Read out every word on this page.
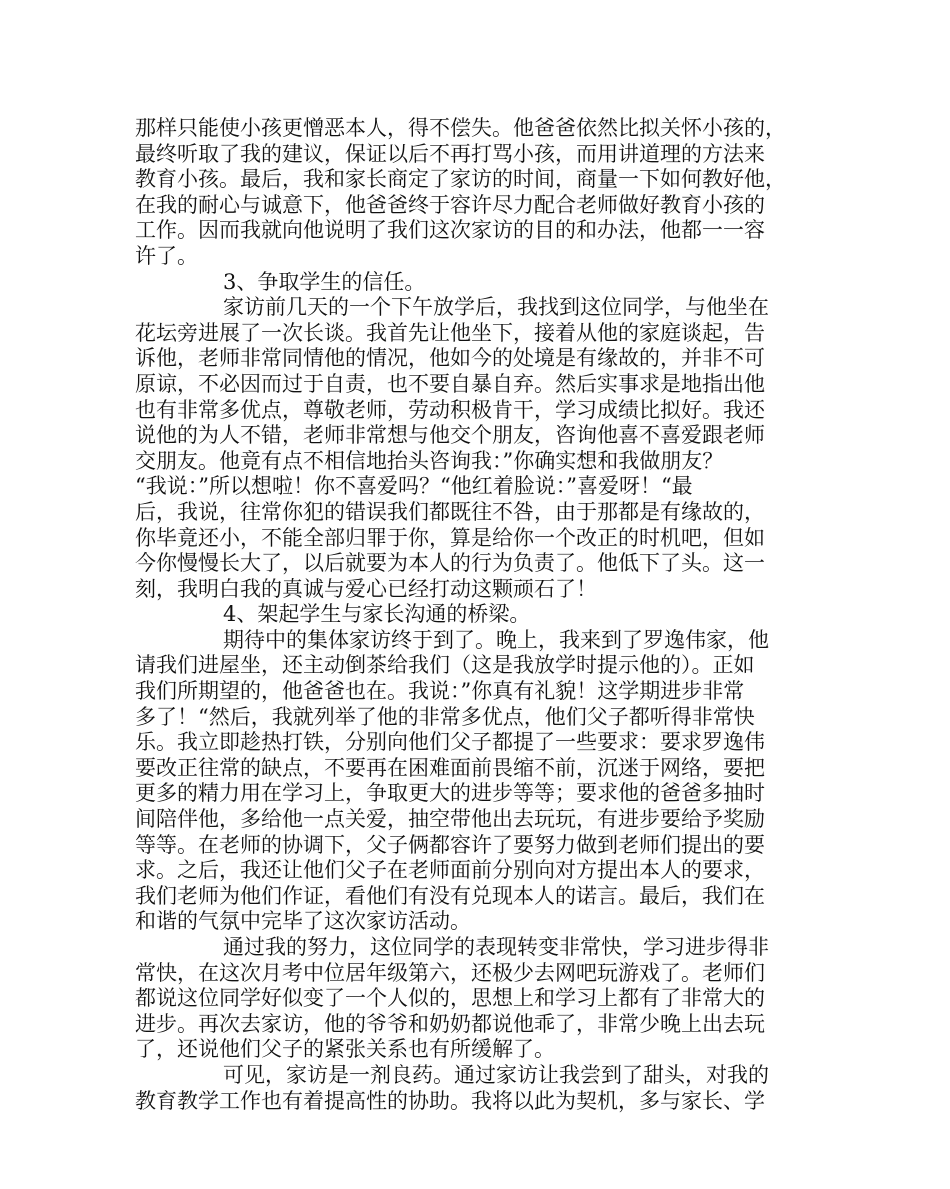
那样只能使小孩更憎恶本人，得不偿失。他爸爸依然比拟关怀小孩的，
最终听取了我的建议，保证以后不再打骂小孩，而用讲道理的方法来
教育小孩。最后，我和家长商定了家访的时间，商量一下如何教好他，
在我的耐心与诚意下，他爸爸终于容许尽力配合老师做好教育小孩的
工作。因而我就向他说明了我们这次家访的目的和办法，他都一一容
许了。
3、争取学生的信任。
家访前几天的一个下午放学后，我找到这位同学，与他坐在
花坛旁进展了一次长谈。我首先让他坐下，接着从他的家庭谈起，告
诉他，老师非常同情他的情况，他如今的处境是有缘故的，并非不可
原谅，不必因而过于自责，也不要自暴自弃。然后实事求是地指出他
也有非常多优点，尊敬老师，劳动积极肯干，学习成绩比拟好。我还
说他的为人不错，老师非常想与他交个朋友，咨询他喜不喜爱跟老师
交朋友。他竟有点不相信地抬头咨询我：”你确实想和我做朋友？
“我说：”所以想啦！你不喜爱吗？“他红着脸说：”喜爱呀！“最
后，我说，往常你犯的错误我们都既往不咎，由于那都是有缘故的，
你毕竟还小，不能全部归罪于你，算是给你一个改正的时机吧，但如
今你慢慢长大了，以后就要为本人的行为负责了。他低下了头。这一
刻，我明白我的真诚与爱心已经打动这颗顽石了！
4、架起学生与家长沟通的桥梁。
期待中的集体家访终于到了。晚上，我来到了罗逸伟家，他
请我们进屋坐，还主动倒茶给我们（这是我放学时提示他的）。正如
我们所期望的，他爸爸也在。我说：”你真有礼貌！这学期进步非常
多了！“然后，我就列举了他的非常多优点，他们父子都听得非常快
乐。我立即趁热打铁，分别向他们父子都提了一些要求：要求罗逸伟
要改正往常的缺点，不要再在困难面前畏缩不前，沉迷于网络，要把
更多的精力用在学习上，争取更大的进步等等；要求他的爸爸多抽时
间陪伴他，多给他一点关爱，抽空带他出去玩玩，有进步要给予奖励
等等。在老师的协调下，父子俩都容许了要努力做到老师们提出的要
求。之后，我还让他们父子在老师面前分别向对方提出本人的要求，
我们老师为他们作证，看他们有没有兑现本人的诺言。最后，我们在
和谐的气氛中完毕了这次家访活动。
通过我的努力，这位同学的表现转变非常快，学习进步得非
常快，在这次月考中位居年级第六，还极少去网吧玩游戏了。老师们
都说这位同学好似变了一个人似的，思想上和学习上都有了非常大的
进步。再次去家访，他的爷爷和奶奶都说他乖了，非常少晚上出去玩
了，还说他们父子的紧张关系也有所缓解了。
可见，家访是一剂良药。通过家访让我尝到了甜头，对我的
教育教学工作也有着提高性的协助。我将以此为契机，多与家长、学
